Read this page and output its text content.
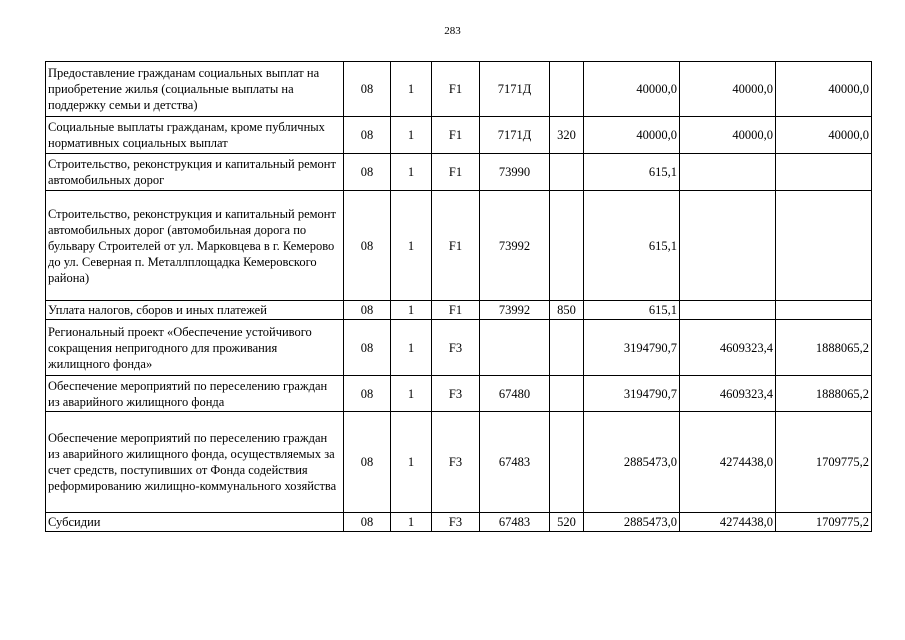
283
Предоставление гражданам социальных выплат на приобретение жилья (социальные выплаты на поддержку семьи и детства)	08	1	F1	7171Д		40000,0	40000,0	40000,0
Социальные выплаты гражданам, кроме публичных нормативных социальных выплат	08	1	F1	7171Д	320	40000,0	40000,0	40000,0
Строительство, реконструкция и капитальный ремонт автомобильных дорог	08	1	F1	73990		615,1		
Строительство, реконструкция и капитальный ремонт автомобильных дорог (автомобильная дорога по бульвару Строителей от ул. Марковцева в г. Кемерово до ул. Северная п. Металлплощадка Кемеровского района)	08	1	F1	73992		615,1		
Уплата налогов, сборов и иных платежей	08	1	F1	73992	850	615,1		
Региональный проект «Обеспечение устойчивого сокращения непригодного для проживания жилищного фонда»	08	1	F3			3194790,7	4609323,4	1888065,2
Обеспечение мероприятий по переселению граждан из аварийного жилищного фонда	08	1	F3	67480		3194790,7	4609323,4	1888065,2
Обеспечение мероприятий по переселению граждан из аварийного жилищного фонда, осуществляемых за счет средств, поступивших от Фонда содействия реформированию жилищно-коммунального хозяйства	08	1	F3	67483		2885473,0	4274438,0	1709775,2
Субсидии	08	1	F3	67483	520	2885473,0	4274438,0	1709775,2
